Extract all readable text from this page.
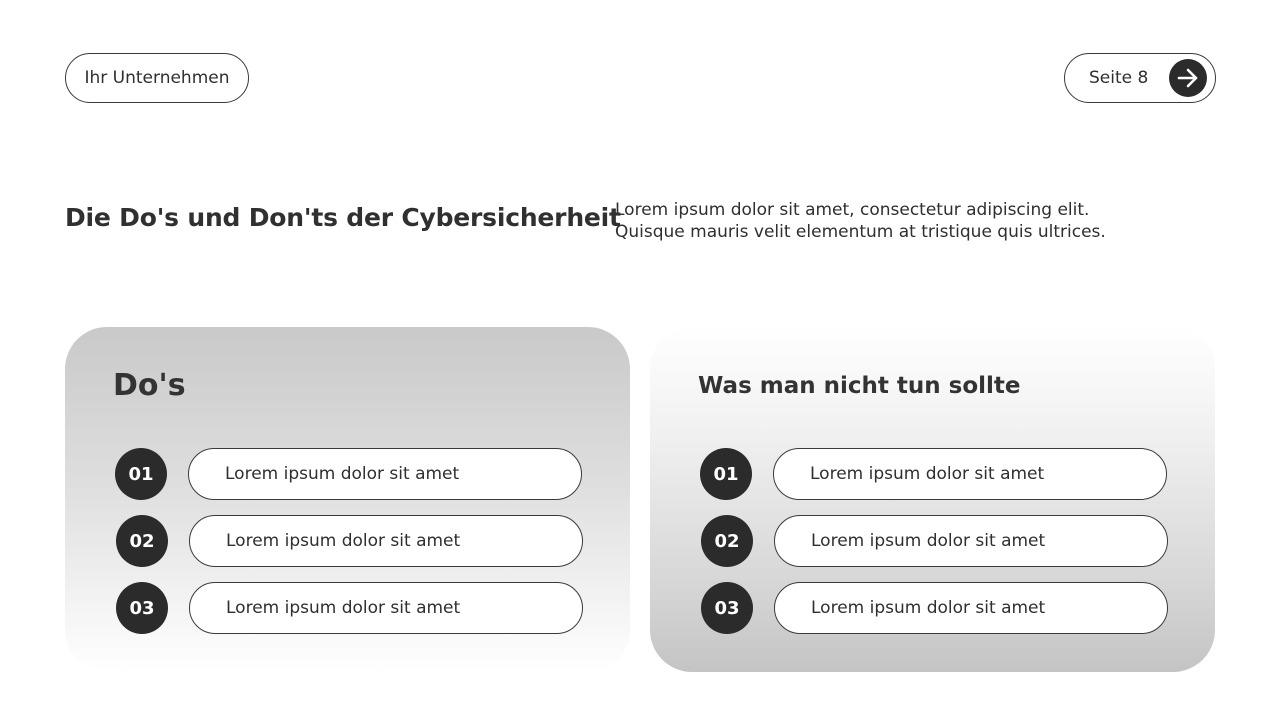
Ihr Unternehmen	Seite 8
Die Do's und Don'ts der Cybersicherheit

Lorem ipsum dolor sit amet, consectetur adipiscing elit.
Quisque mauris velit elementum at tristique quis ultrices.

Do's
01	Lorem ipsum dolor sit amet
02	Lorem ipsum dolor sit amet
03	Lorem ipsum dolor sit amet
Was man nicht tun sollte
01	Lorem ipsum dolor sit amet
02	Lorem ipsum dolor sit amet
03	Lorem ipsum dolor sit amet
